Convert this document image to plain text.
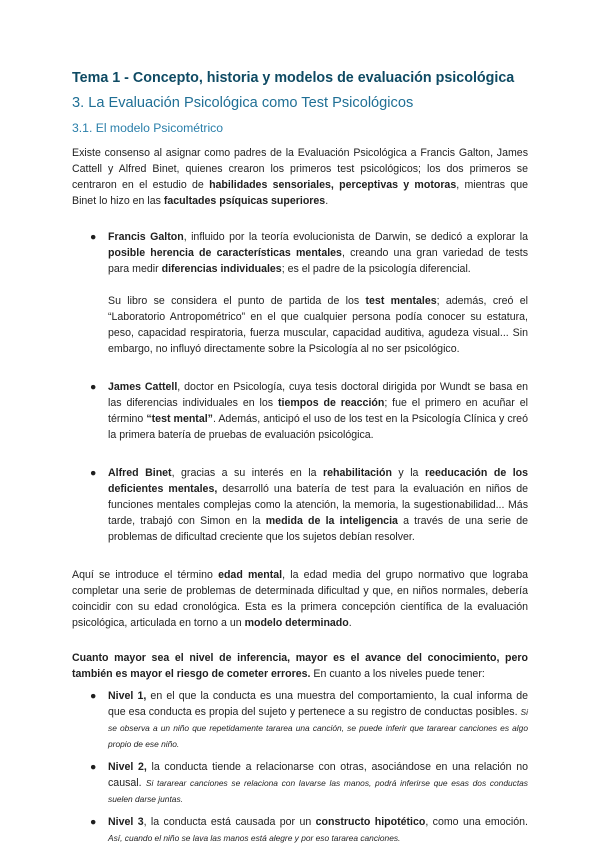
Tema 1 - Concepto, historia y modelos de evaluación psicológica
3. La Evaluación Psicológica como Test Psicológicos
3.1. El modelo Psicométrico

Existe consenso al asignar como padres de la Evaluación Psicológica a Francis Galton, James Cattell y Alfred Binet, quienes crearon los primeros test psicológicos; los dos primeros se centraron en el estudio de habilidades sensoriales, perceptivas y motoras, mientras que Binet lo hizo en las facultades psíquicas superiores.

● Francis Galton, influido por la teoría evolucionista de Darwin, se dedicó a explorar la posible herencia de características mentales, creando una gran variedad de tests para medir diferencias individuales; es el padre de la psicología diferencial.
Su libro se considera el punto de partida de los test mentales; además, creó el “Laboratorio Antropométrico” en el que cualquier persona podía conocer su estatura, peso, capacidad respiratoria, fuerza muscular, capacidad auditiva, agudeza visual... Sin embargo, no influyó directamente sobre la Psicología al no ser psicológico.
● James Cattell, doctor en Psicología, cuya tesis doctoral dirigida por Wundt se basa en las diferencias individuales en los tiempos de reacción; fue el primero en acuñar el término “test mental”. Además, anticipó el uso de los test en la Psicología Clínica y creó la primera batería de pruebas de evaluación psicológica.
● Alfred Binet, gracias a su interés en la rehabilitación y la reeducación de los deficientes mentales, desarrolló una batería de test para la evaluación en niños de funciones mentales complejas como la atención, la memoria, la sugestionabilidad... Más tarde, trabajó con Simon en la medida de la inteligencia a través de una serie de problemas de dificultad creciente que los sujetos debían resolver.

Aquí se introduce el término edad mental, la edad media del grupo normativo que lograba completar una serie de problemas de determinada dificultad y que, en niños normales, debería coincidir con su edad cronológica. Esta es la primera concepción científica de la evaluación psicológica, articulada en torno a un modelo determinado.

Cuanto mayor sea el nivel de inferencia, mayor es el avance del conocimiento, pero también es mayor el riesgo de cometer errores. En cuanto a los niveles puede tener:

● Nivel 1, en el que la conducta es una muestra del comportamiento, la cual informa de que esa conducta es propia del sujeto y pertenece a su registro de conductas posibles. Si se observa a un niño que repetidamente tararea una canción, se puede inferir que tararear canciones es algo propio de ese niño.
● Nivel 2, la conducta tiende a relacionarse con otras, asociándose en una relación no causal. Si tararear canciones se relaciona con lavarse las manos, podrá inferirse que esas dos conductas suelen darse juntas.
● Nivel 3, la conducta está causada por un constructo hipotético, como una emoción. Así, cuando el niño se lava las manos está alegre y por eso tararea canciones.
